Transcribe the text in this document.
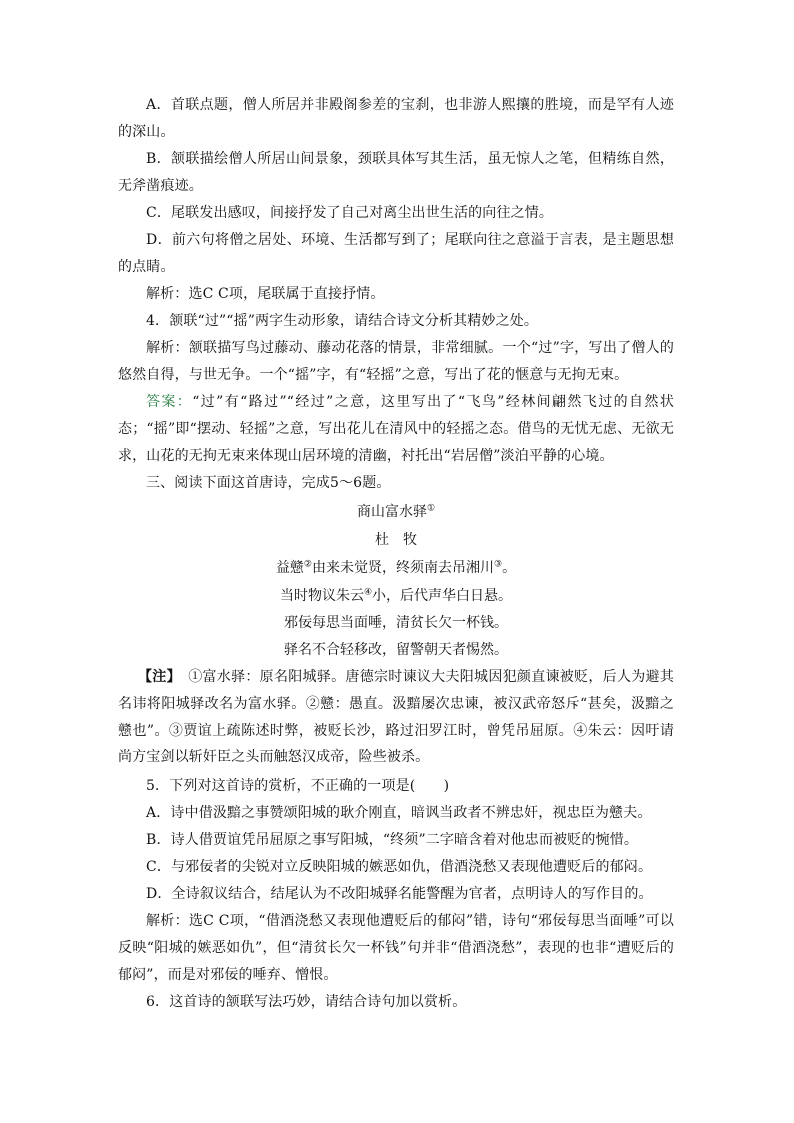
A．首联点题，僧人所居并非殿阁参差的宝刹，也非游人熙攘的胜境，而是罕有人迹的深山。

B．颔联描绘僧人所居山间景象，颈联具体写其生活，虽无惊人之笔，但精练自然，无斧凿痕迹。

C．尾联发出感叹，间接抒发了自己对离尘出世生活的向往之情。

D．前六句将僧之居处、环境、生活都写到了；尾联向往之意溢于言表，是主题思想的点睛。

解析：选C C项，尾联属于直接抒情。

4．颔联“过”“摇”两字生动形象，请结合诗文分析其精妙之处。

解析：颔联描写鸟过藤动、藤动花落的情景，非常细腻。一个“过”字，写出了僧人的悠然自得，与世无争。一个“摇”字，有“轻摇”之意，写出了花的惬意与无拘无束。

答案：“过”有“路过”“经过”之意，这里写出了“飞鸟”经林间翩然飞过的自然状态；“摇”即“摆动、轻摇”之意，写出花儿在清风中的轻摇之态。借鸟的无忧无虑、无欲无求，山花的无拘无束来体现山居环境的清幽，衬托出“岩居僧”淡泊平静的心境。

三、阅读下面这首唐诗，完成5～6题。

商山富水驿①

杜牧

益戆②由来未觉贤，终须南去吊湘川③。

当时物议朱云④小，后代声华白日悬。

邪佞每思当面唾，清贫长欠一杯钱。

驿名不合轻移改，留警朝天者惕然。

【注】　 ①富水驿：原名阳城驿。唐德宗时谏议大夫阳城因犯颜直谏被贬，后人为避其名讳将阳城驿改名为富水驿。②戆：愚直。汲黯屡次忠谏，被汉武帝怒斥“甚矣，汲黯之戆也”。③贾谊上疏陈述时弊，被贬长沙，路过汨罗江时，曾凭吊屈原。④朱云：因吁请尚方宝剑以斩奸臣之头而触怒汉成帝，险些被杀。

5．下列对这首诗的赏析，不正确的一项是(　　)

A．诗中借汲黯之事赞颂阳城的耿介刚直，暗讽当政者不辨忠奸，视忠臣为戆夫。

B．诗人借贾谊凭吊屈原之事写阳城，“终须”二字暗含着对他忠而被贬的惋惜。

C．与邪佞者的尖锐对立反映阳城的嫉恶如仇，借酒浇愁又表现他遭贬后的郁闷。

D．全诗叙议结合，结尾认为不改阳城驿名能警醒为官者，点明诗人的写作目的。

解析：选C C项，“借酒浇愁又表现他遭贬后的郁闷”错，诗句“邪佞每思当面唾”可以反映“阳城的嫉恶如仇”，但“清贫长欠一杯钱”句并非“借酒浇愁”，表现的也非“遭贬后的郁闷”，而是对邪佞的唾弃、憎恨。

6．这首诗的颔联写法巧妙，请结合诗句加以赏析。
